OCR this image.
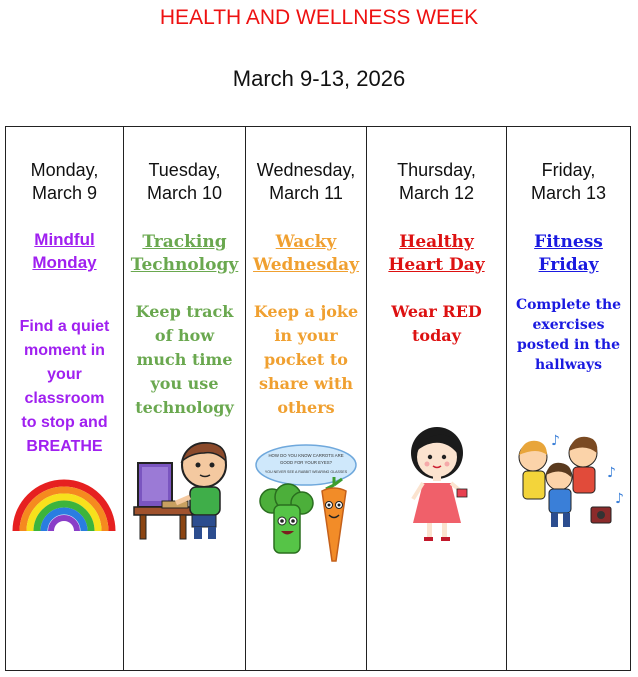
HEALTH AND WELLNESS WEEK
March 9-13, 2026
Monday,
March 9
Mindful
Monday
Find a quiet
moment in
your
classroom
to stop and
BREATHE
Tuesday,
March 10
Tracking
Technology
Keep track
of how
much time
you use
technology
Wednesday,
March 11
Wacky
Wednesday
Keep a joke
in your
pocket to
share with
others
HOW DO YOU KNOW CARROTS ARE
GOOD FOR YOUR EYES?
YOU NEVER SEE A RABBIT WEARING GLASSES
Thursday,
March 12
Healthy
Heart Day
Wear RED
today
Friday,
March 13
Fitness
Friday
Complete the
exercises
posted in the
hallways
♪
♪
♪
